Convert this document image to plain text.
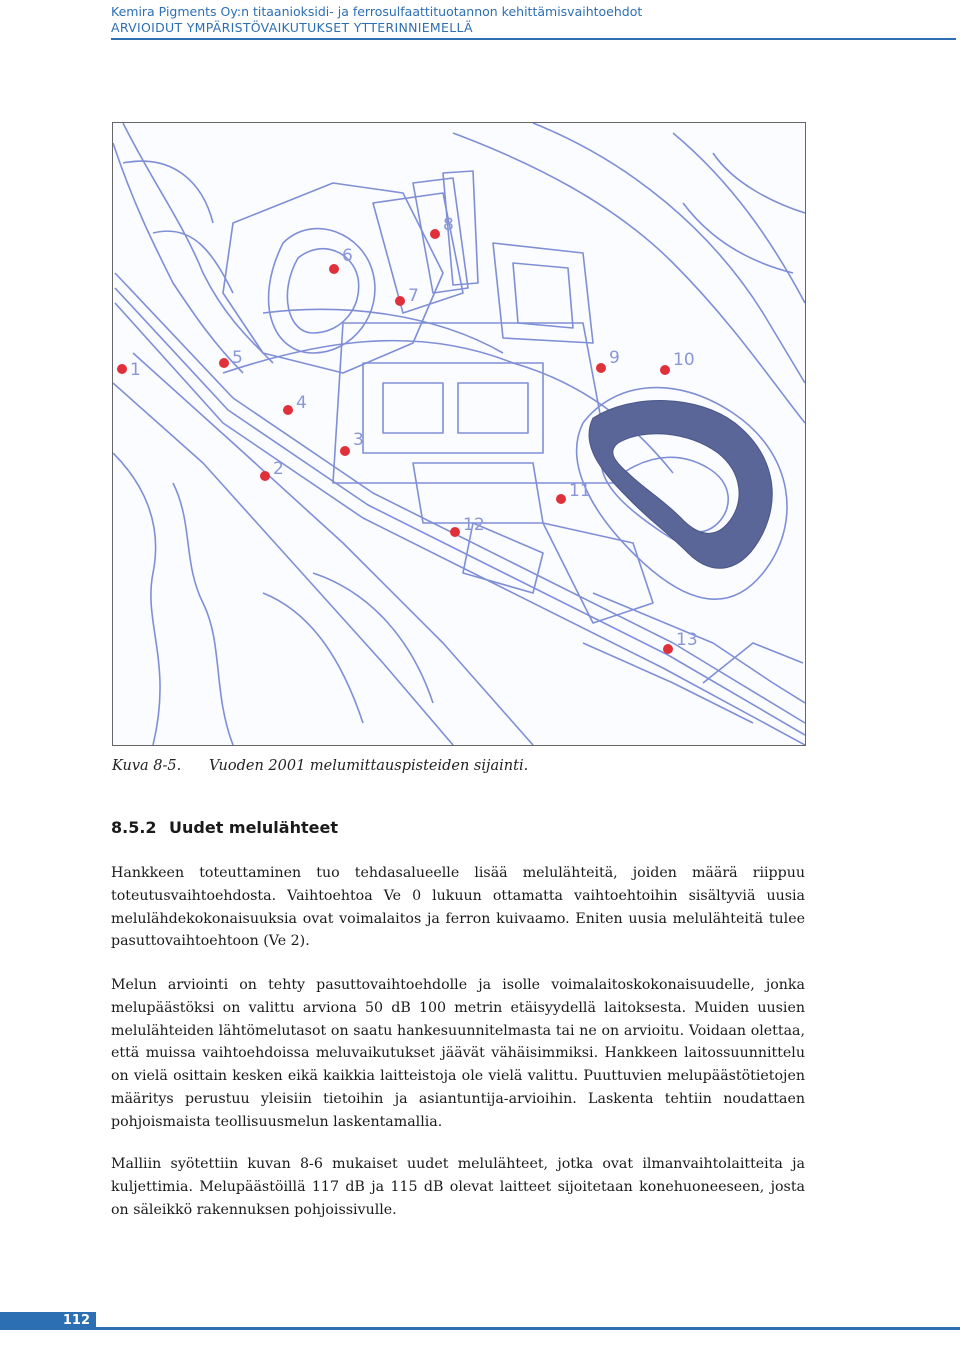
Kemira Pigments Oy:n titaanioksidi- ja ferrosulfaattituotannon kehittämisvaihtoehdot
ARVIOIDUT YMPÄRISTÖVAIKUTUKSET YTTERINNIEMELLÄ
1
2
3
4
5
6
7
8
9	10
11
12
13
Kuva 8-5. Vuoden 2001 melumittauspisteiden sijainti.
8.5.2 Uudet melulähteet
Hankkeen toteuttaminen tuo tehdasalueelle lisää melulähteitä, joiden määrä riippuu toteutusvaihtoehdosta. Vaihtoehtoa Ve 0 lukuun ottamatta vaihtoehtoihin sisältyviä uusia melulähdekokonaisuuksia ovat voimalaitos ja ferron kuivaamo. Eniten uusia melulähteitä tulee pasuttovaihtoehtoon (Ve 2).
Melun arviointi on tehty pasuttovaihtoehdolle ja isolle voimalaitoskokonaisuudelle, jonka melupäästöksi on valittu arviona 50 dB 100 metrin etäisyydellä laitoksesta. Muiden uusien melulähteiden lähtömelutasot on saatu hankesuunnitelmasta tai ne on arvioitu. Voidaan olettaa, että muissa vaihtoehdoissa meluvaikutukset jäävät vähäisimmiksi. Hankkeen laitossuunnittelu on vielä osittain kesken eikä kaikkia laitteistoja ole vielä valittu. Puuttuvien melupäästötietojen määritys perustuu yleisiin tietoihin ja asiantuntija-arvioihin. Laskenta tehtiin noudattaen pohjoismaista teollisuusmelun laskentamallia.
Malliin syötettiin kuvan 8-6 mukaiset uudet melulähteet, jotka ovat ilmanvaihtolaitteita ja kuljettimia. Melupäästöillä 117 dB ja 115 dB olevat laitteet sijoitetaan konehuoneeseen, josta on säleikkö rakennuksen pohjoissivulle.
112
